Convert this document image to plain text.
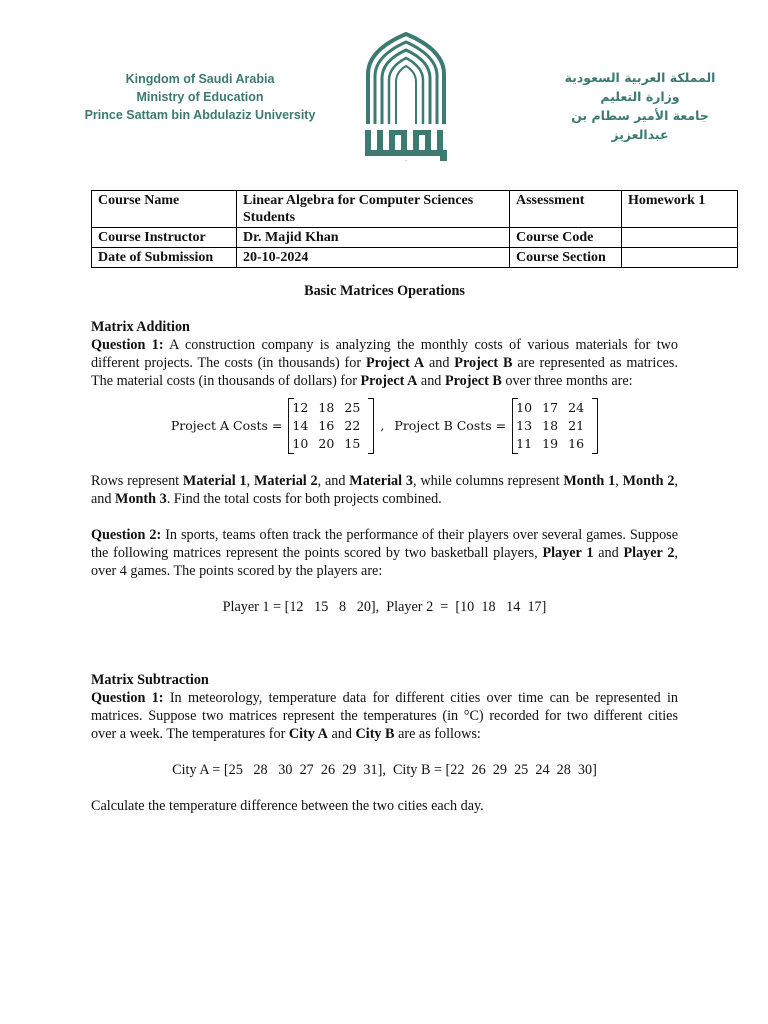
Kingdom of Saudi Arabia
Ministry of Education
Prince Sattam bin Abdulaziz University
سطام
المملكة العربية السعودية
وزارة التعليم
جامعة الأمير سطام بن عبدالعزيز
Course Name	Linear Algebra for Computer Sciences Students	Assessment	Homework 1
Course Instructor	Dr. Majid Khan	Course Code	
Date of Submission	20-10-2024	Course Section	
Basic Matrices Operations
Matrix Addition

Question 1: A construction company is analyzing the monthly costs of various materials for two different projects. The costs (in thousands) for Project A and Project B are represented as matrices. The material costs (in thousands of dollars) for Project A and Project B over three months are:

Project A Costs =
12 18 25
14 16 22
10 20 15
, Project B Costs =
10 17 24
13 18 21
11 19 16

Rows represent Material 1, Material 2, and Material 3, while columns represent Month 1, Month 2, and Month 3. Find the total costs for both projects combined.

Question 2: In sports, teams often track the performance of their players over several games. Suppose the following matrices represent the points scored by two basketball players, Player 1 and Player 2, over 4 games. The points scored by the players are:

Player 1 = [12   15   8   20],  Player 2  =  [10  18   14  17]
Matrix Subtraction

Question 1: In meteorology, temperature data for different cities over time can be represented in matrices. Suppose two matrices represent the temperatures (in °C) recorded for two different cities over a week. The temperatures for City A and City B are as follows:

City A = [25   28   30  27  26  29  31],  City B = [22  26  29  25  24  28  30]

Calculate the temperature difference between the two cities each day.
